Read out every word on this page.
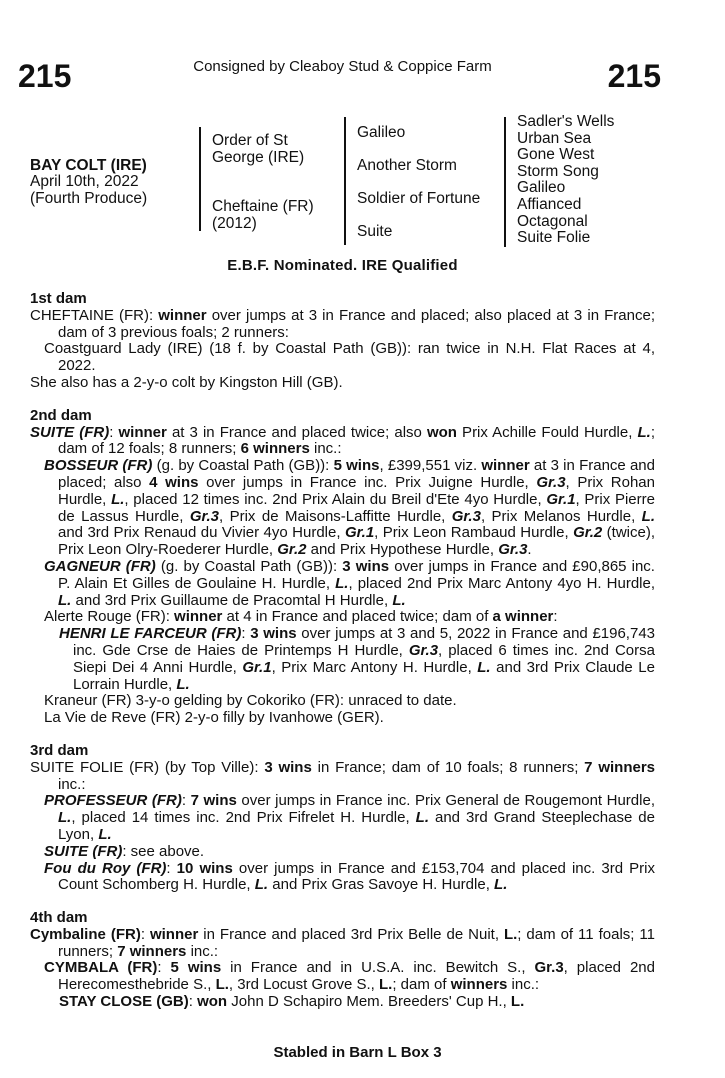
215	Consigned by Cleaboy Stud & Coppice Farm	215
BAY COLT (IRE)
April 10th, 2022
(Fourth Produce)
Order of St George (IRE)
Cheftaine (FR) (2012)
Galileo
Another Storm
Soldier of Fortune
Suite
Sadler's Wells
Urban Sea
Gone West
Storm Song
Galileo
Affianced
Octagonal
Suite Folie
E.B.F. Nominated. IRE Qualified
1st dam
CHEFTAINE (FR): winner over jumps at 3 in France and placed; also placed at 3 in France; dam of 3 previous foals; 2 runners:
Coastguard Lady (IRE) (18 f. by Coastal Path (GB)): ran twice in N.H. Flat Races at 4, 2022.
She also has a 2-y-o colt by Kingston Hill (GB).
2nd dam
SUITE (FR): winner at 3 in France and placed twice; also won Prix Achille Fould Hurdle, L.; dam of 12 foals; 8 runners; 6 winners inc.:
BOSSEUR (FR) (g. by Coastal Path (GB)): 5 wins, £399,551 viz. winner at 3 in France and placed; also 4 wins over jumps in France inc. Prix Juigne Hurdle, Gr.3, Prix Rohan Hurdle, L., placed 12 times inc. 2nd Prix Alain du Breil d'Ete 4yo Hurdle, Gr.1, Prix Pierre de Lassus Hurdle, Gr.3, Prix de Maisons-Laffitte Hurdle, Gr.3, Prix Melanos Hurdle, L. and 3rd Prix Renaud du Vivier 4yo Hurdle, Gr.1, Prix Leon Rambaud Hurdle, Gr.2 (twice), Prix Leon Olry-Roederer Hurdle, Gr.2 and Prix Hypothese Hurdle, Gr.3.
GAGNEUR (FR) (g. by Coastal Path (GB)): 3 wins over jumps in France and £90,865 inc. P. Alain Et Gilles de Goulaine H. Hurdle, L., placed 2nd Prix Marc Antony 4yo H. Hurdle, L. and 3rd Prix Guillaume de Pracomtal H Hurdle, L.
Alerte Rouge (FR): winner at 4 in France and placed twice; dam of a winner:
HENRI LE FARCEUR (FR): 3 wins over jumps at 3 and 5, 2022 in France and £196,743 inc. Gde Crse de Haies de Printemps H Hurdle, Gr.3, placed 6 times inc. 2nd Corsa Siepi Dei 4 Anni Hurdle, Gr.1, Prix Marc Antony H. Hurdle, L. and 3rd Prix Claude Le Lorrain Hurdle, L.
Kraneur (FR) 3-y-o gelding by Cokoriko (FR): unraced to date.
La Vie de Reve (FR) 2-y-o filly by Ivanhowe (GER).
3rd dam
SUITE FOLIE (FR) (by Top Ville): 3 wins in France; dam of 10 foals; 8 runners; 7 winners inc.:
PROFESSEUR (FR): 7 wins over jumps in France inc. Prix General de Rougemont Hurdle, L., placed 14 times inc. 2nd Prix Fifrelet H. Hurdle, L. and 3rd Grand Steeplechase de Lyon, L.
SUITE (FR): see above.
Fou du Roy (FR): 10 wins over jumps in France and £153,704 and placed inc. 3rd Prix Count Schomberg H. Hurdle, L. and Prix Gras Savoye H. Hurdle, L.
4th dam
Cymbaline (FR): winner in France and placed 3rd Prix Belle de Nuit, L.; dam of 11 foals; 11 runners; 7 winners inc.:
CYMBALA (FR): 5 wins in France and in U.S.A. inc. Bewitch S., Gr.3, placed 2nd Herecomesthebride S., L., 3rd Locust Grove S., L.; dam of winners inc.:
STAY CLOSE (GB): won John D Schapiro Mem. Breeders' Cup H., L.
Stabled in Barn L Box 3
